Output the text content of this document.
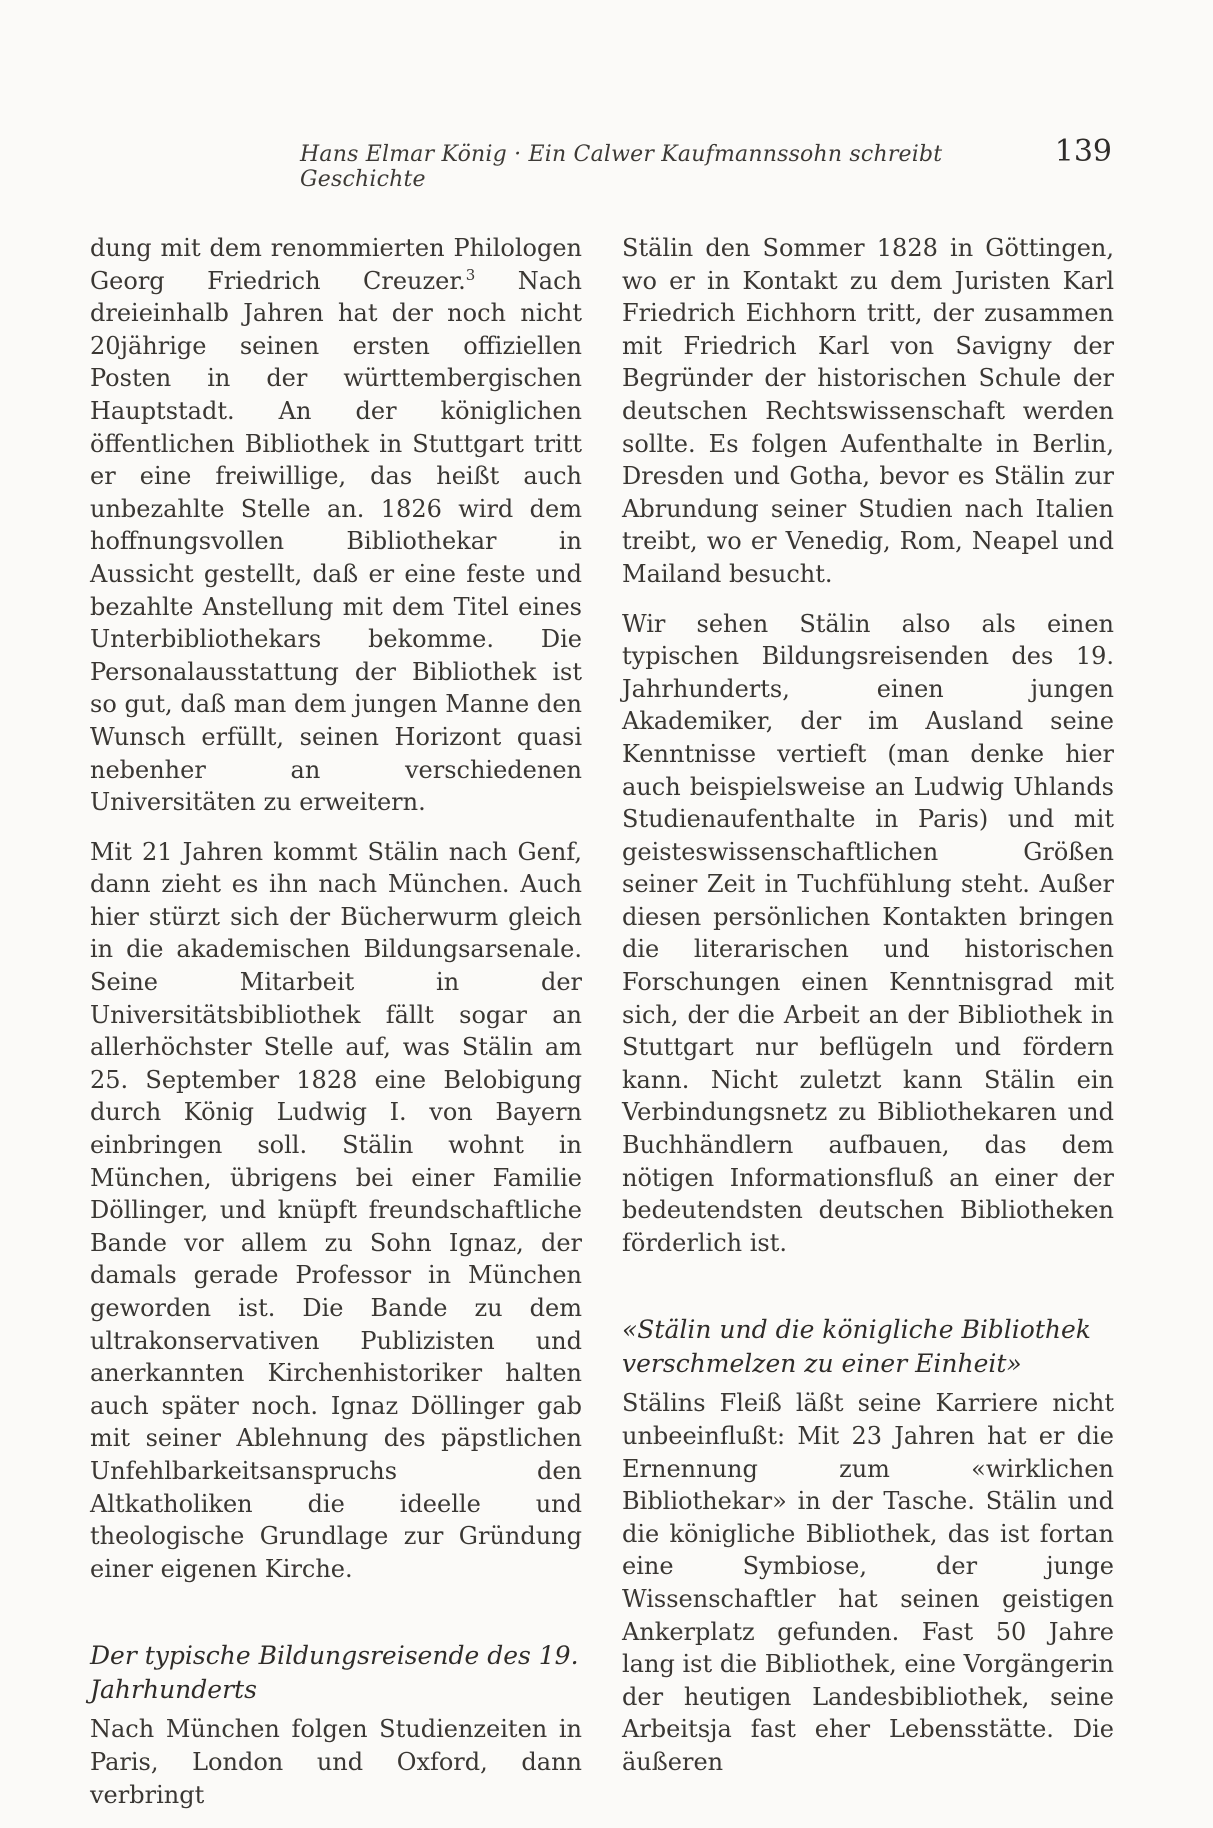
Hans Elmar König · Ein Calwer Kaufmannssohn schreibt Geschichte
139

dung mit dem renommierten Philologen Georg Friedrich Creuzer.$^3$ Nach dreieinhalb Jahren hat der noch nicht 20jährige seinen ersten offiziellen Posten in der württembergischen Hauptstadt. An der königlichen öffentlichen Bibliothek in Stuttgart tritt er eine freiwillige, das heißt auch unbezahlte Stelle an. 1826 wird dem hoffnungsvollen Bibliothekar in Aussicht gestellt, daß er eine feste und bezahlte Anstellung mit dem Titel eines Unterbibliothekars bekomme. Die Personalausstattung der Bibliothek ist so gut, daß man dem jungen Manne den Wunsch erfüllt, seinen Horizont quasi nebenher an verschiedenen Universitäten zu erweitern.

Mit 21 Jahren kommt Stälin nach Genf, dann zieht es ihn nach München. Auch hier stürzt sich der Bücherwurm gleich in die akademischen Bildungsarsenale. Seine Mitarbeit in der Universitätsbibliothek fällt sogar an allerhöchster Stelle auf, was Stälin am 25. September 1828 eine Belobigung durch König Ludwig I. von Bayern einbringen soll. Stälin wohnt in München, übrigens bei einer Familie Döllinger, und knüpft freundschaftliche Bande vor allem zu Sohn Ignaz, der damals gerade Professor in München geworden ist. Die Bande zu dem ultrakonservativen Publizisten und anerkannten Kirchenhistoriker halten auch später noch. Ignaz Döllinger gab mit seiner Ablehnung des päpstlichen Unfehlbarkeitsanspruchs den Altkatholiken die ideelle und theologische Grundlage zur Gründung einer eigenen Kirche.

Der typische Bildungsreisende des 19. Jahrhunderts

Nach München folgen Studienzeiten in Paris, London und Oxford, dann verbringt

Stälin den Sommer 1828 in Göttingen, wo er in Kontakt zu dem Juristen Karl Friedrich Eichhorn tritt, der zusammen mit Friedrich Karl von Savigny der Begründer der historischen Schule der deutschen Rechtswissenschaft werden sollte. Es folgen Aufenthalte in Berlin, Dresden und Gotha, bevor es Stälin zur Abrundung seiner Studien nach Italien treibt, wo er Venedig, Rom, Neapel und Mailand besucht.

Wir sehen Stälin also als einen typischen Bildungsreisenden des 19. Jahrhunderts, einen jungen Akademiker, der im Ausland seine Kenntnisse vertieft (man denke hier auch beispielsweise an Ludwig Uhlands Studienaufenthalte in Paris) und mit geisteswissenschaftlichen Größen seiner Zeit in Tuchfühlung steht. Außer diesen persönlichen Kontakten bringen die literarischen und historischen Forschungen einen Kenntnisgrad mit sich, der die Arbeit an der Bibliothek in Stuttgart nur beflügeln und fördern kann. Nicht zuletzt kann Stälin ein Verbindungsnetz zu Bibliothekaren und Buchhändlern aufbauen, das dem nötigen Informationsfluß an einer der bedeutendsten deutschen Bibliotheken förderlich ist.

«Stälin und die königliche Bibliothek verschmelzen zu einer Einheit»

Stälins Fleiß läßt seine Karriere nicht unbeeinflußt: Mit 23 Jahren hat er die Ernennung zum «wirklichen Bibliothekar» in der Tasche. Stälin und die königliche Bibliothek, das ist fortan eine Symbiose, der junge Wissenschaftler hat seinen geistigen Ankerplatz gefunden. Fast 50 Jahre lang ist die Bibliothek, eine Vorgängerin der heutigen Landesbibliothek, seine Arbeitsja fast eher Lebensstätte. Die äußeren
